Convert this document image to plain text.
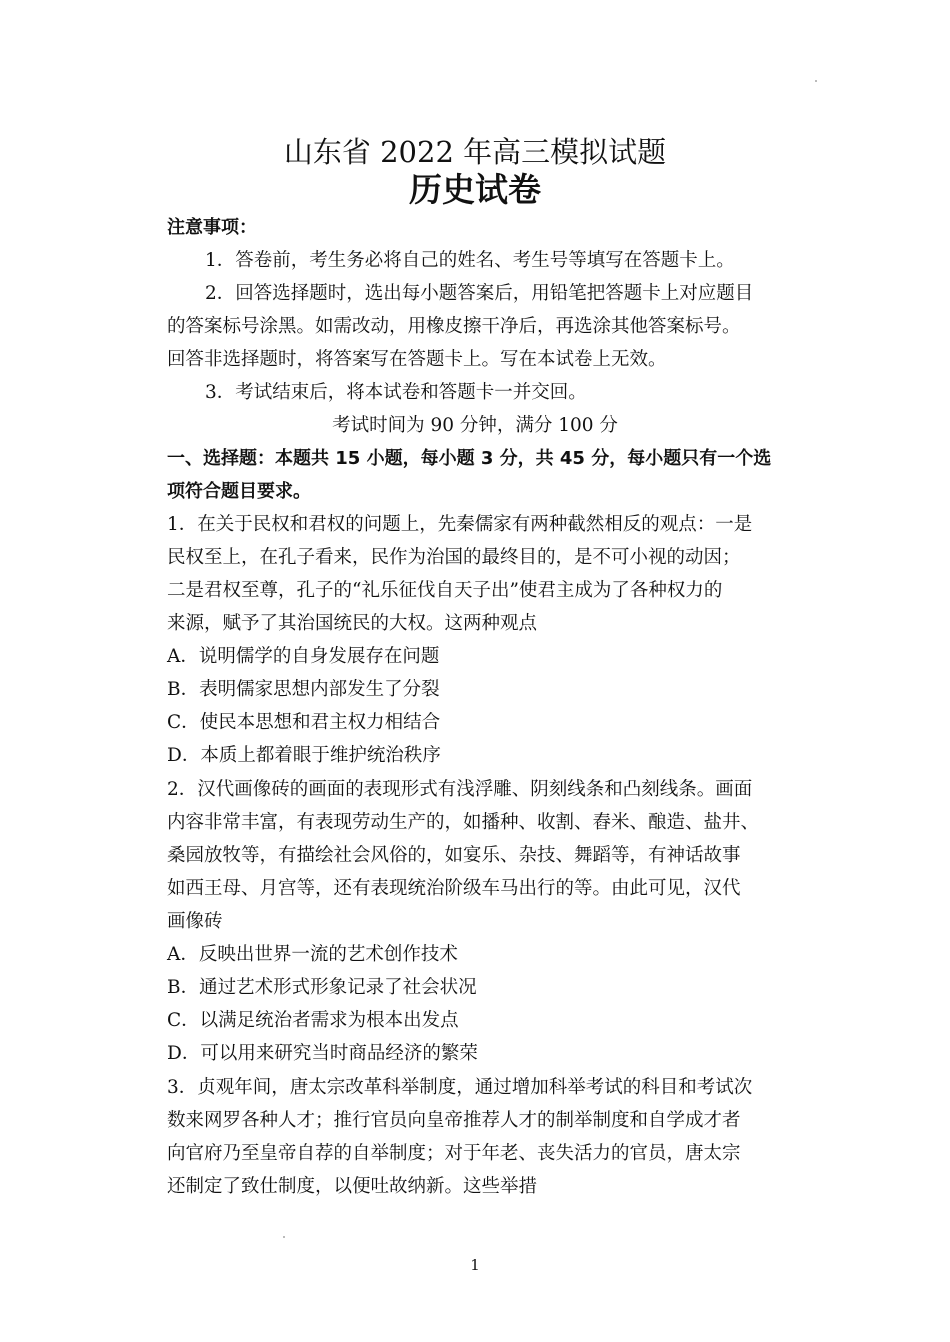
山东省 2022 年高三模拟试题
历史试卷
注意事项：
1．答卷前，考生务必将自己的姓名、考生号等填写在答题卡上。
2．回答选择题时，选出每小题答案后，用铅笔把答题卡上对应题目
的答案标号涂黑。如需改动，用橡皮擦干净后，再选涂其他答案标号。
回答非选择题时，将答案写在答题卡上。写在本试卷上无效。
3．考试结束后，将本试卷和答题卡一并交回。
考试时间为 90 分钟，满分 100 分
一、选择题：本题共 15 小题，每小题 3 分，共 45 分，每小题只有一个选
项符合题目要求。
1．在关于民权和君权的问题上，先秦儒家有两种截然相反的观点：一是
民权至上，在孔子看来，民作为治国的最终目的，是不可小视的动因；
二是君权至尊，孔子的“礼乐征伐自天子出”使君主成为了各种权力的
来源，赋予了其治国统民的大权。这两种观点
A．说明儒学的自身发展存在问题
B．表明儒家思想内部发生了分裂
C．使民本思想和君主权力相结合
D．本质上都着眼于维护统治秩序
2．汉代画像砖的画面的表现形式有浅浮雕、阴刻线条和凸刻线条。画面
内容非常丰富，有表现劳动生产的，如播种、收割、舂米、酿造、盐井、
桑园放牧等，有描绘社会风俗的，如宴乐、杂技、舞蹈等，有神话故事
如西王母、月宫等，还有表现统治阶级车马出行的等。由此可见，汉代
画像砖
A．反映出世界一流的艺术创作技术
B．通过艺术形式形象记录了社会状况
C．以满足统治者需求为根本出发点
D．可以用来研究当时商品经济的繁荣
3．贞观年间，唐太宗改革科举制度，通过增加科举考试的科目和考试次
数来网罗各种人才；推行官员向皇帝推荐人才的制举制度和自学成才者
向官府乃至皇帝自荐的自举制度；对于年老、丧失活力的官员，唐太宗
还制定了致仕制度，以便吐故纳新。这些举措
1
